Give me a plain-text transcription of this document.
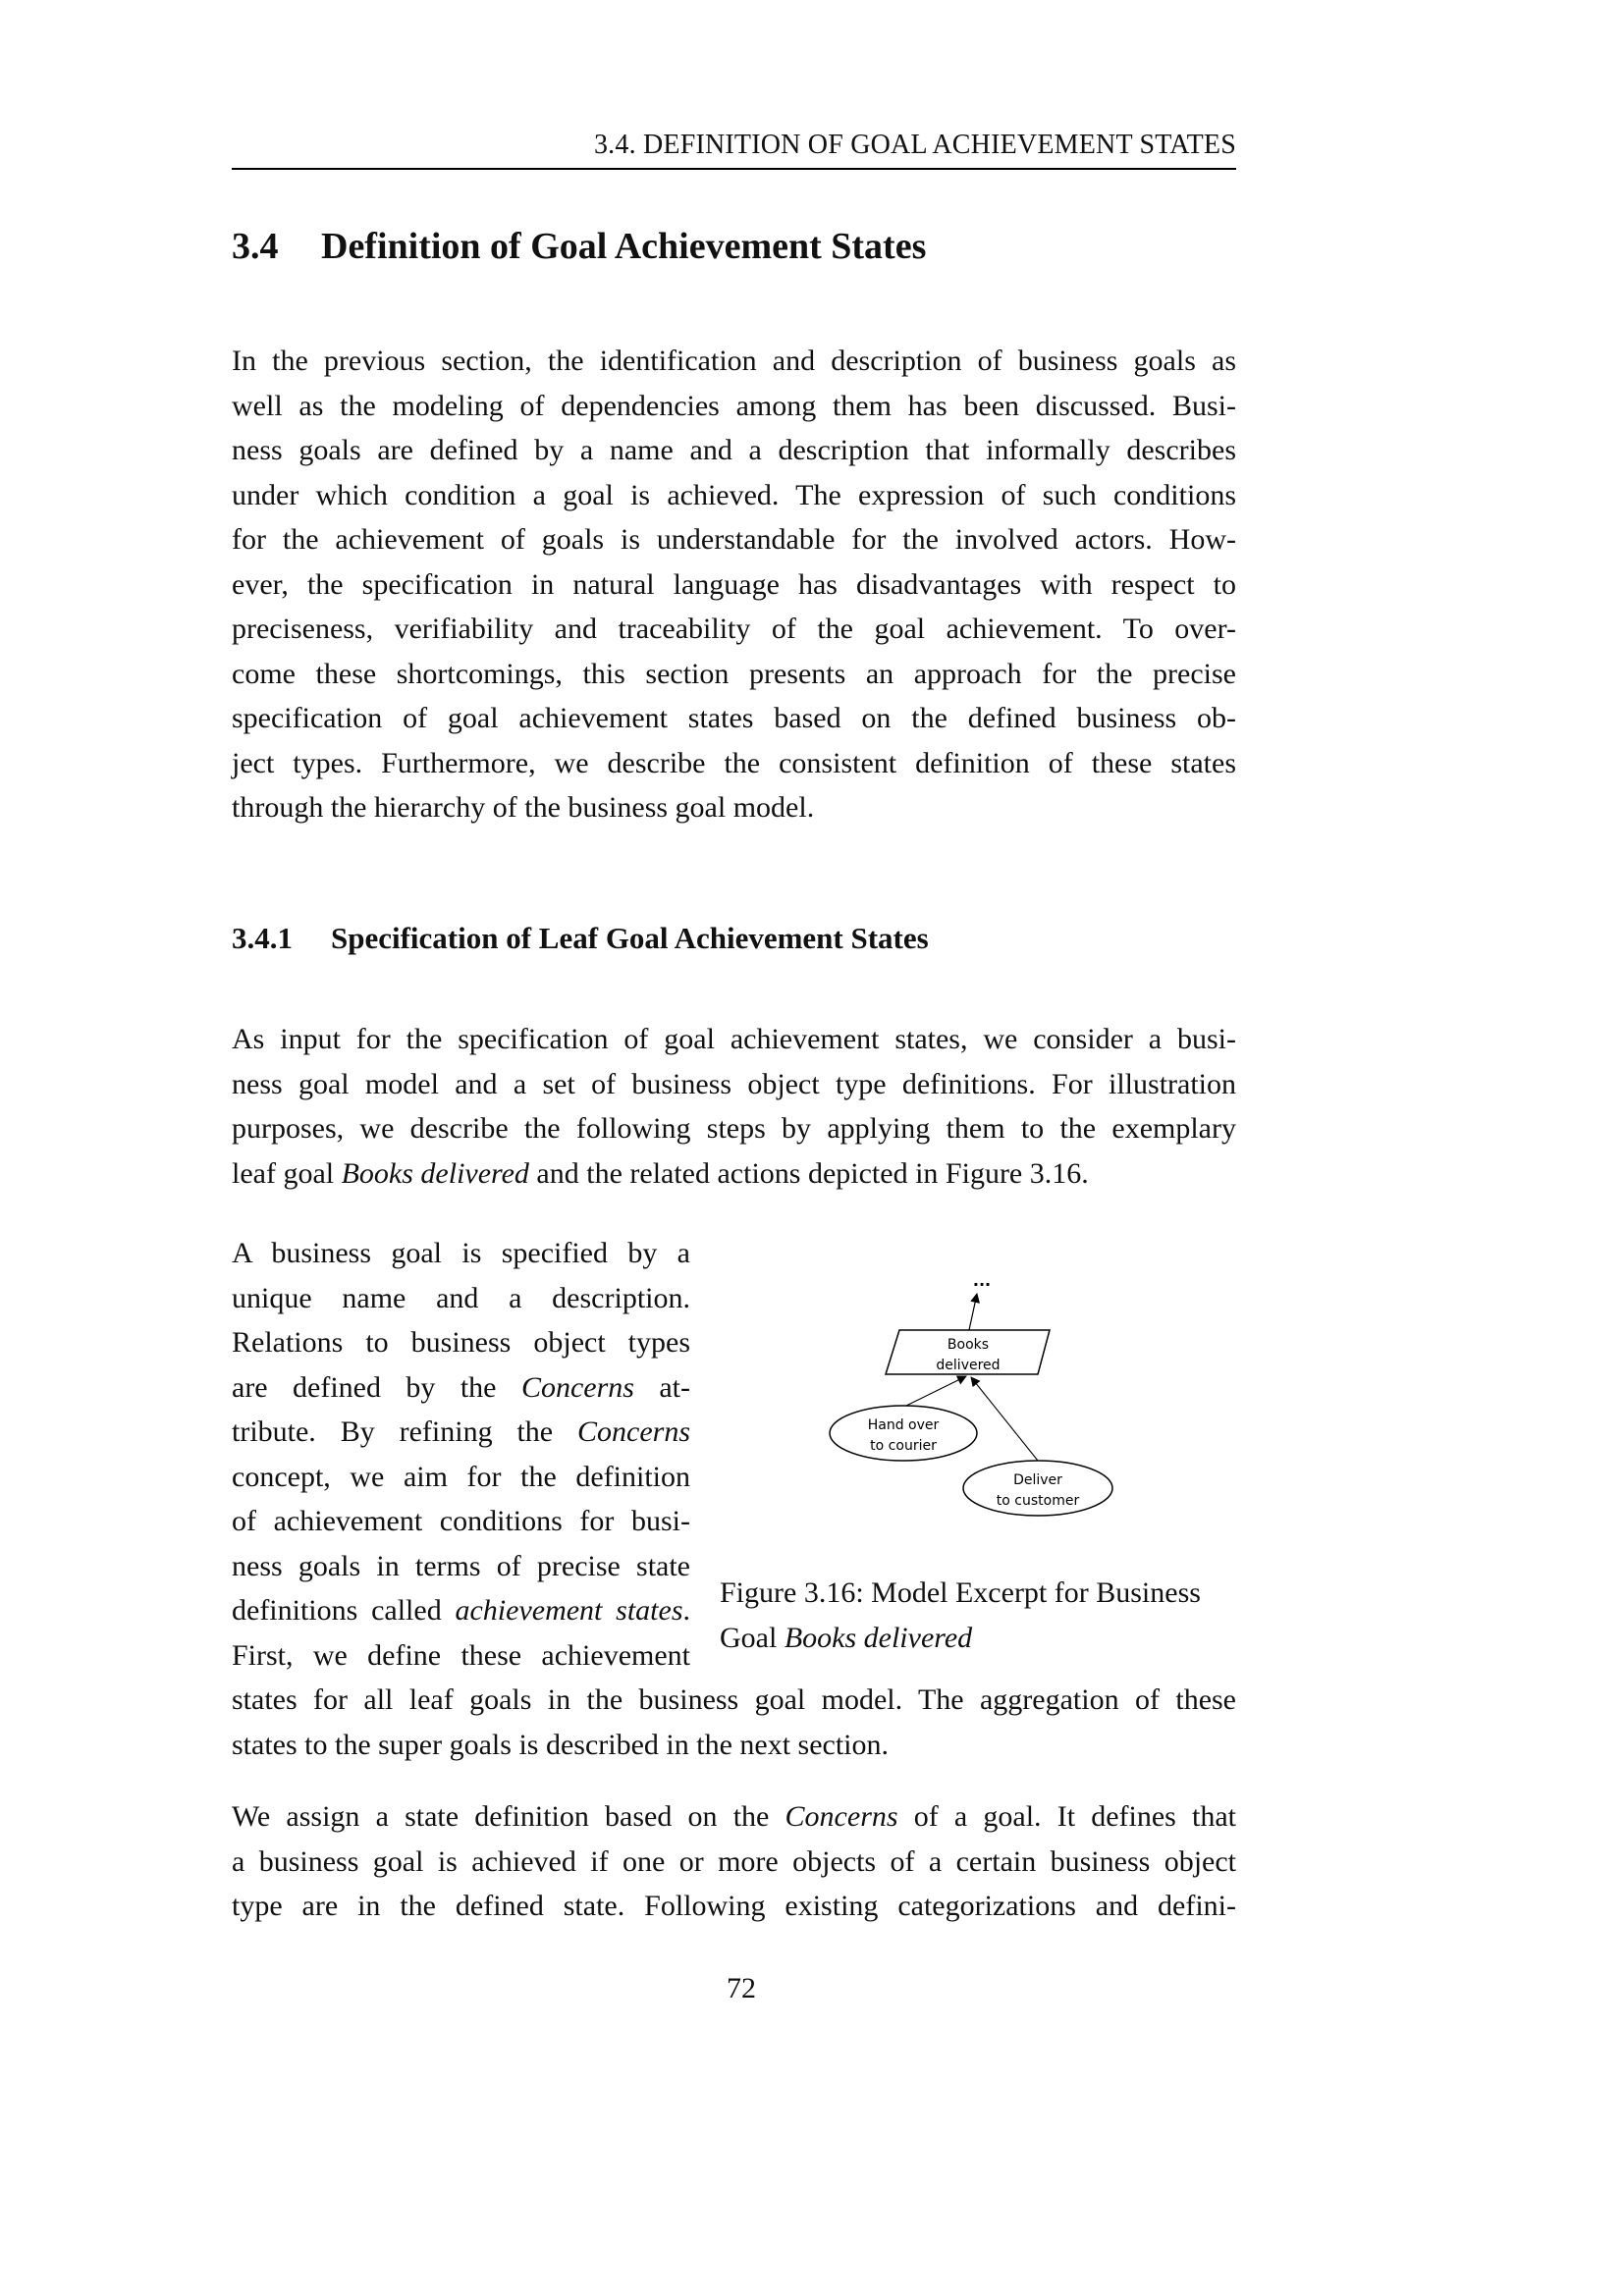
3.4. DEFINITION OF GOAL ACHIEVEMENT STATES
3.4 Definition of Goal Achievement States
In the previous section, the identification and description of business goals as
well as the modeling of dependencies among them has been discussed. Busi-
ness goals are defined by a name and a description that informally describes
under which condition a goal is achieved. The expression of such conditions
for the achievement of goals is understandable for the involved actors. How-
ever, the specification in natural language has disadvantages with respect to
preciseness, verifiability and traceability of the goal achievement. To over-
come these shortcomings, this section presents an approach for the precise
specification of goal achievement states based on the defined business ob-
ject types. Furthermore, we describe the consistent definition of these states
through the hierarchy of the business goal model.
3.4.1 Specification of Leaf Goal Achievement States
As input for the specification of goal achievement states, we consider a busi-
ness goal model and a set of business object type definitions. For illustration
purposes, we describe the following steps by applying them to the exemplary
leaf goal Books delivered and the related actions depicted in Figure 3.16.
A business goal is specified by a
unique name and a description.
Relations to business object types
are defined by the Concerns at-
tribute. By refining the Concerns
concept, we aim for the definition
of achievement conditions for busi-
ness goals in terms of precise state
definitions called achievement states.
First, we define these achievement
states for all leaf goals in the business goal model. The aggregation of these
states to the super goals is described in the next section.
...
Books
delivered
Hand over
to courier
Deliver
to customer
Figure 3.16: Model Excerpt for Business
Goal Books delivered
We assign a state definition based on the Concerns of a goal. It defines that
a business goal is achieved if one or more objects of a certain business object
type are in the defined state. Following existing categorizations and defini-
72
